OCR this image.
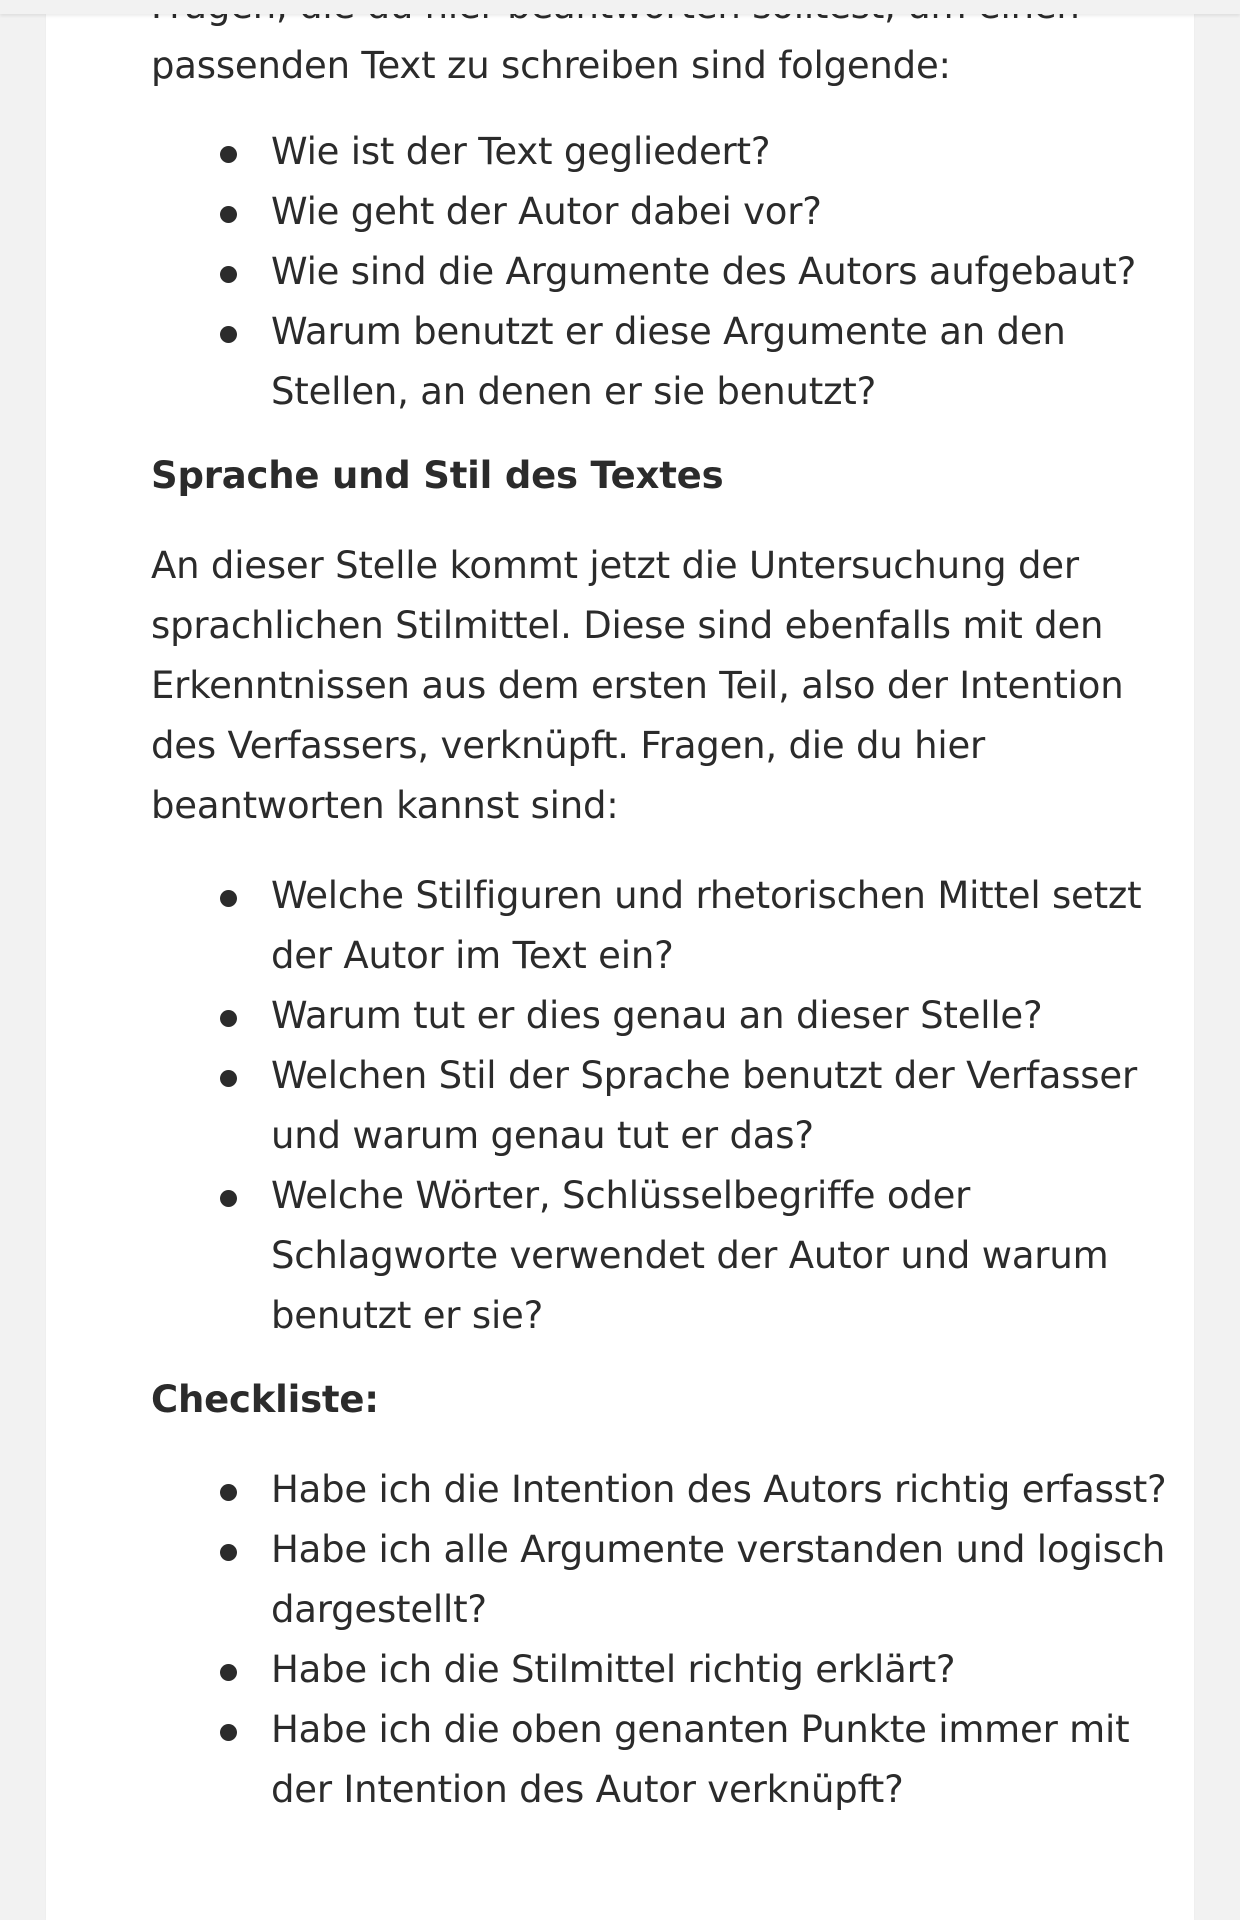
passenden Text zu schreiben sind folgende:

Wie ist der Text gegliedert?
Wie geht der Autor dabei vor?
Wie sind die Argumente des Autors aufgebaut?
Warum benutzt er diese Argumente an den Stellen, an denen er sie benutzt?
Sprache und Stil des Textes

An dieser Stelle kommt jetzt die Untersuchung der sprachlichen Stilmittel. Diese sind ebenfalls mit den Erkenntnissen aus dem ersten Teil, also der Intention des Verfassers, verknüpft. Fragen, die du hier beantworten kannst sind:

Welche Stilfiguren und rhetorischen Mittel setzt der Autor im Text ein?
Warum tut er dies genau an dieser Stelle?
Welchen Stil der Sprache benutzt der Verfasser und warum genau tut er das?
Welche Wörter, Schlüsselbegriffe oder Schlagworte verwendet der Autor und warum benutzt er sie?
Checkliste:
Habe ich die Intention des Autors richtig erfasst?
Habe ich alle Argumente verstanden und logisch dargestellt?
Habe ich die Stilmittel richtig erklärt?
Habe ich die oben genanten Punkte immer mit der Intention des Autor verknüpft?
